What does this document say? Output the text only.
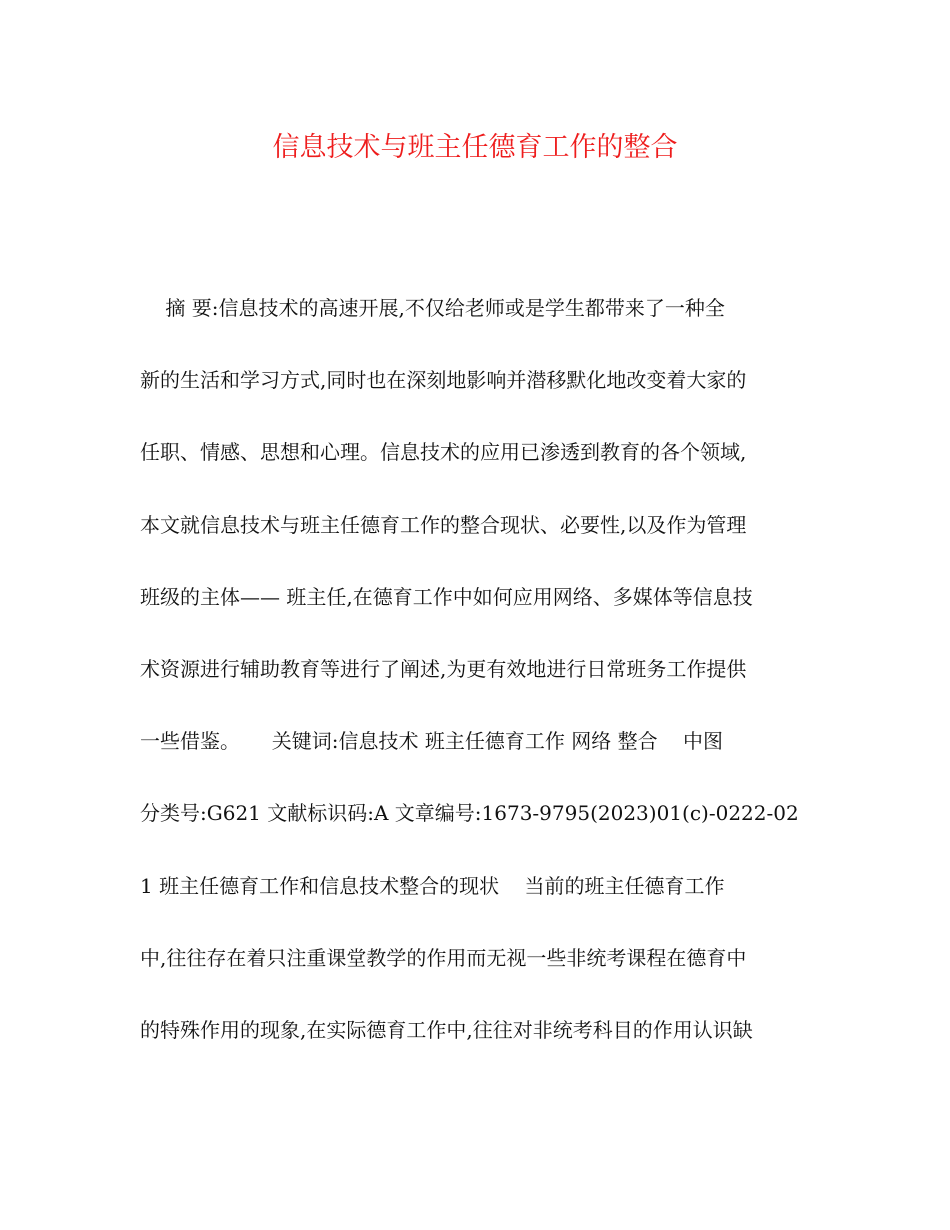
信息技术与班主任德育工作的整合
摘 要:信息技术的高速开展,不仅给老师或是学生都带来了一种全
新的生活和学习方式,同时也在深刻地影响并潜移默化地改变着大家的
任职、情感、思想和心理。信息技术的应用已渗透到教育的各个领域,
本文就信息技术与班主任德育工作的整合现状、必要性,以及作为管理
班级的主体—— 班主任,在德育工作中如何应用网络、多媒体等信息技
术资源进行辅助教育等进行了阐述,为更有效地进行日常班务工作提供
一些借鉴。     关键词:信息技术 班主任德育工作 网络 整合    中图
分类号:G621 文献标识码:A 文章编号:1673-9795(2023)01(c)-0222-02
1 班主任德育工作和信息技术整合的现状    当前的班主任德育工作
中,往往存在着只注重课堂教学的作用而无视一些非统考课程在德育中
的特殊作用的现象,在实际德育工作中,往往对非统考科目的作用认识缺
